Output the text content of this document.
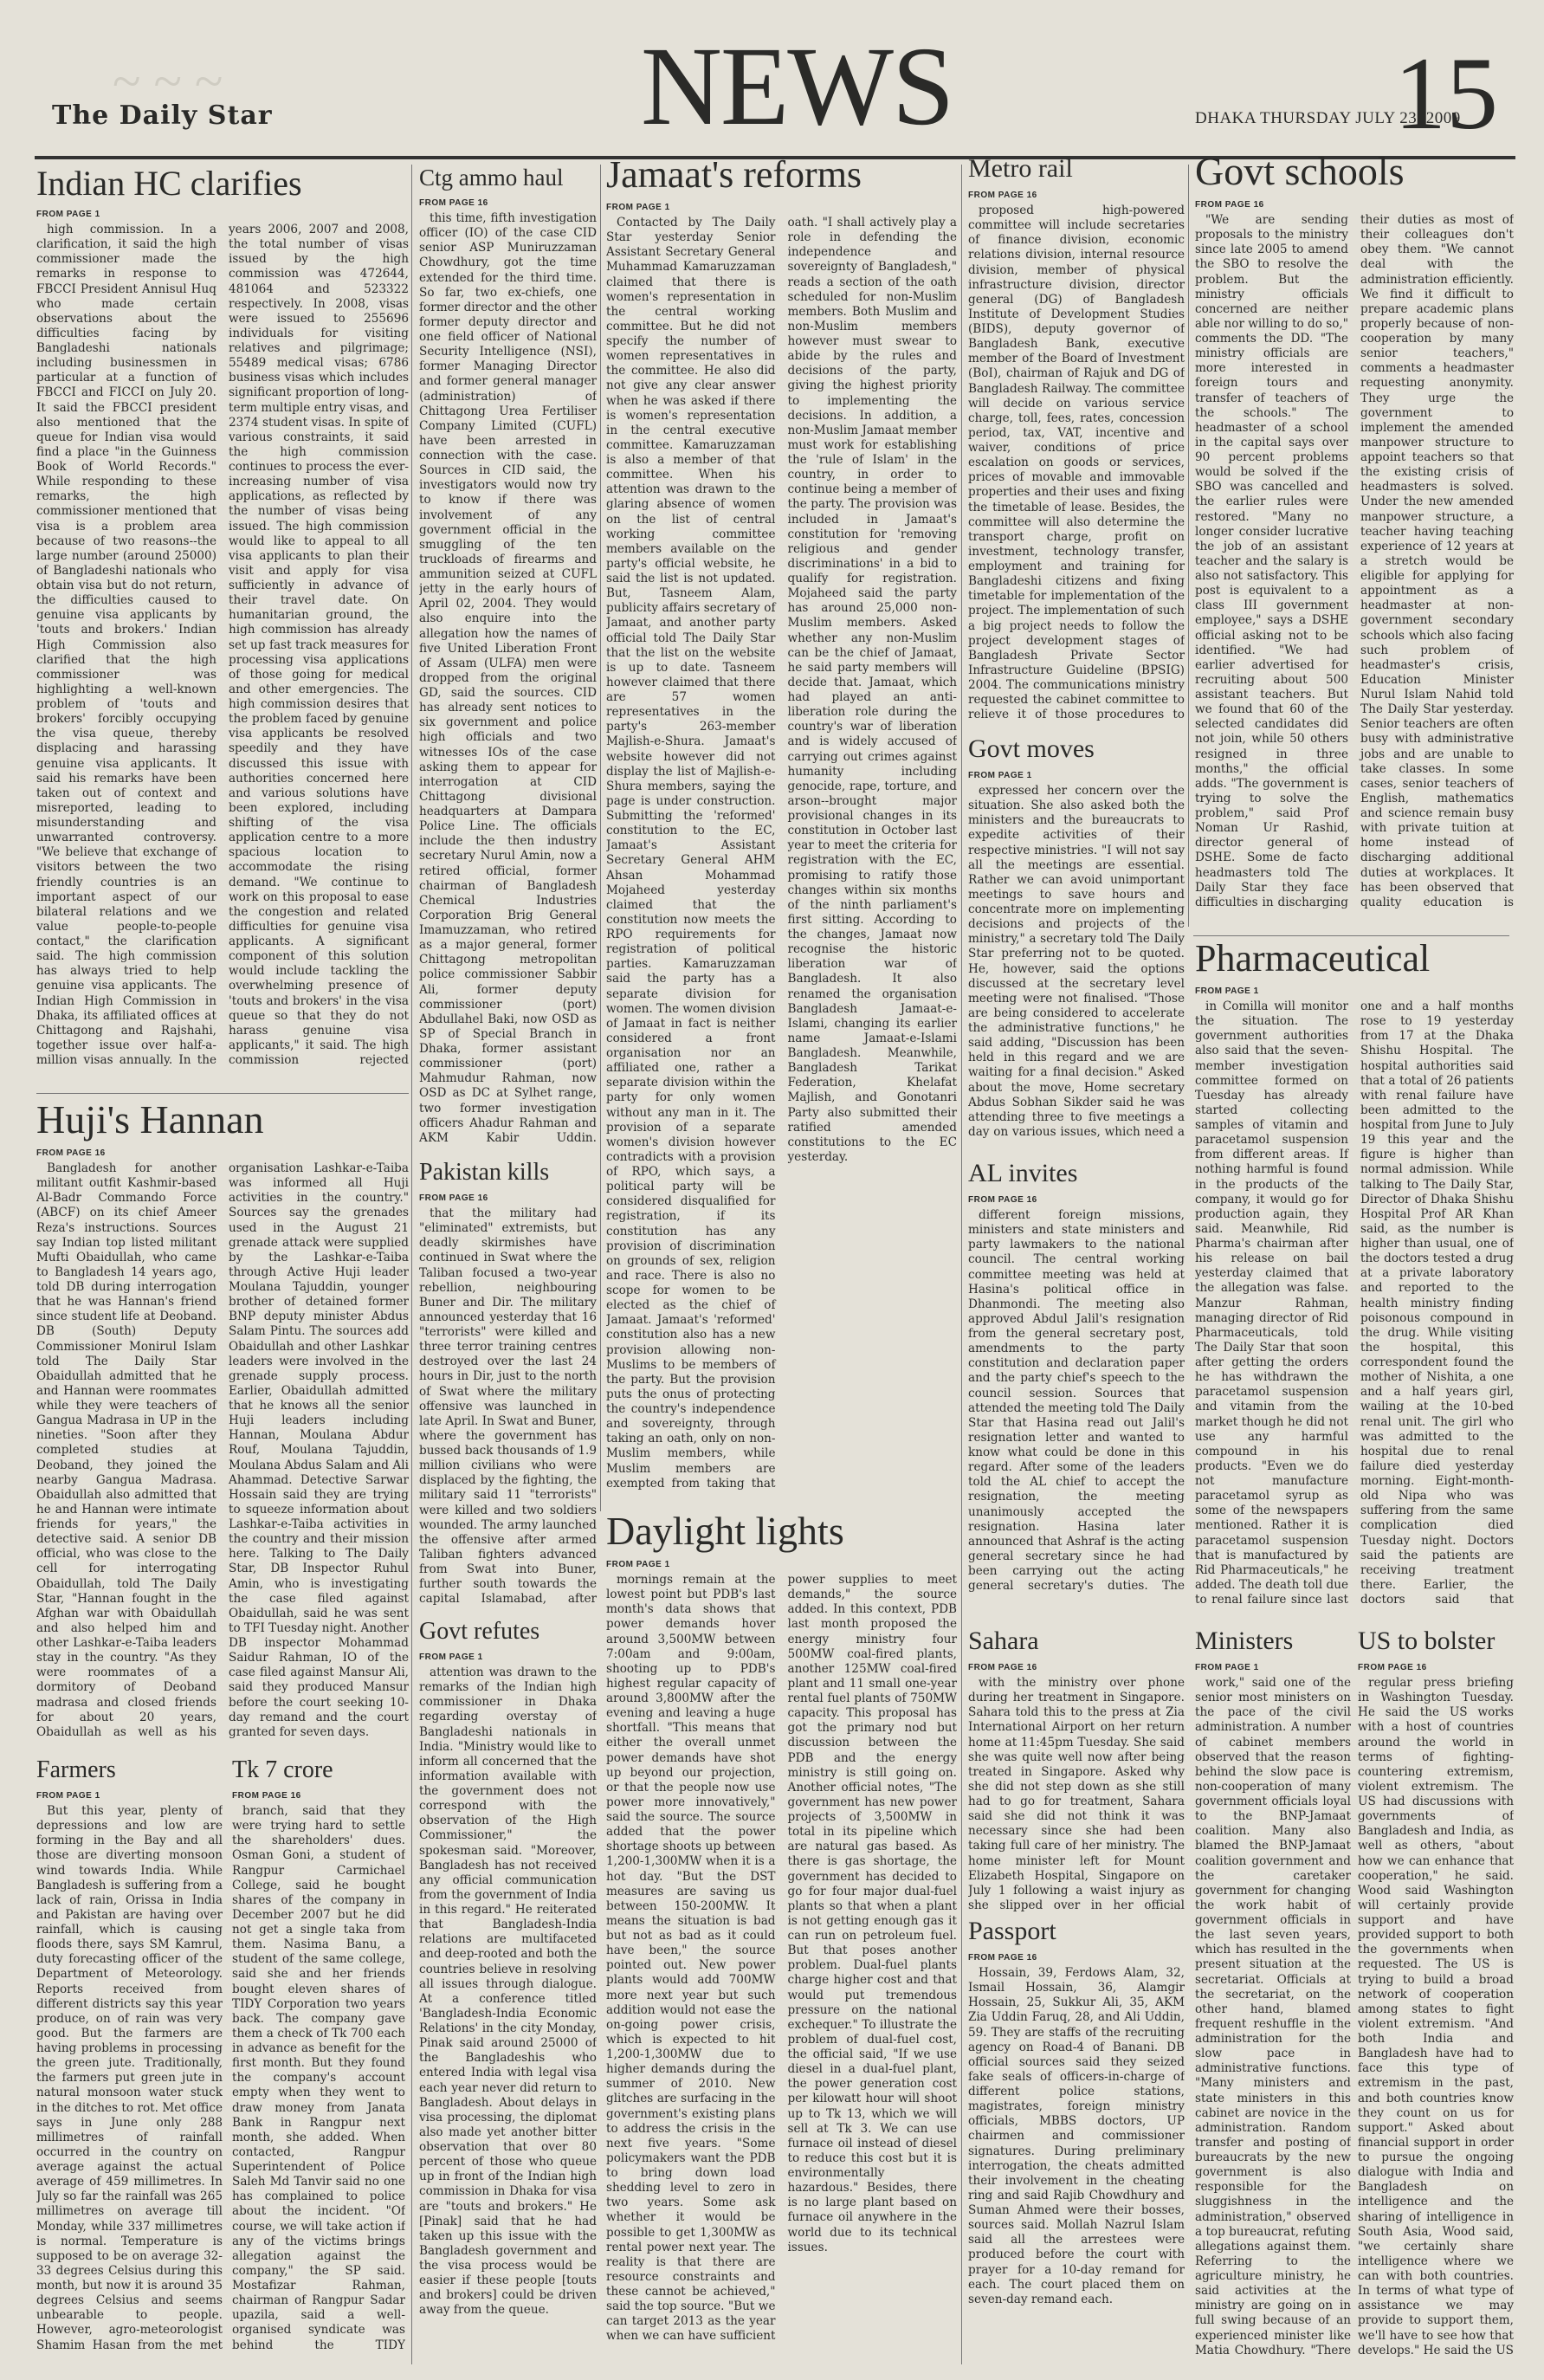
~ ~ ~
The Daily Star	NEWS	DHAKA THURSDAY JULY 23, 2009
15
Indian HC clarifies
FROM PAGE 1

high commission. In a clarification, it said the high commissioner made the remarks in response to FBCCI President Annisul Huq who made certain observations about the difficulties facing by Bangladeshi nationals including businessmen in particular at a function of FBCCI and FICCI on July 20. It said the FBCCI president also mentioned that the queue for Indian visa would find a place "in the Guinness Book of World Records." While responding to these remarks, the high commissioner mentioned that visa is a problem area because of two reasons--the large number (around 25000) of Bangladeshi nationals who obtain visa but do not return, the difficulties caused to genuine visa applicants by 'touts and brokers.' Indian High Commission also clarified that the high commissioner was highlighting a well-known problem of 'touts and brokers' forcibly occupying the visa queue, thereby displacing and harassing genuine visa applicants. It said his remarks have been taken out of context and misreported, leading to misunderstanding and unwarranted controversy. "We believe that exchange of visitors between the two friendly countries is an important aspect of our bilateral relations and we value people-to-people contact," the clarification said. The high commission has always tried to help genuine visa applicants. The Indian High Commission in Dhaka, its affiliated offices at Chittagong and Rajshahi, together issue over half-a-million visas annually. In the years 2006, 2007 and 2008, the total number of visas issued by the high commission was 472644, 481064 and 523322 respectively. In 2008, visas were issued to 255696 individuals for visiting relatives and pilgrimage; 55489 medical visas; 6786 business visas which includes significant proportion of long-term multiple entry visas, and 2374 student visas. In spite of various constraints, it said the high commission continues to process the ever-increasing number of visa applications, as reflected by the number of visas being issued. The high commission would like to appeal to all visa applicants to plan their visit and apply for visa sufficiently in advance of their travel date. On humanitarian ground, the high commission has already set up fast track measures for processing visa applications of those going for medical and other emergencies. The high commission desires that the problem faced by genuine visa applicants be resolved speedily and they have discussed this issue with authorities concerned here and various solutions have been explored, including shifting of the visa application centre to a more spacious location to accommodate the rising demand. "We continue to work on this proposal to ease the congestion and related difficulties for genuine visa applicants. A significant component of this solution would include tackling the overwhelming presence of 'touts and brokers' in the visa queue so that they do not harass genuine visa applicants," it said. The high commission rejected

Huji's Hannan
FROM PAGE 16

Bangladesh for another militant outfit Kashmir-based Al-Badr Commando Force (ABCF) on its chief Ameer Reza's instructions. Sources say Indian top listed militant Mufti Obaidullah, who came to Bangladesh 14 years ago, told DB during interrogation that he was Hannan's friend since student life at Deoband. DB (South) Deputy Commissioner Monirul Islam told The Daily Star Obaidullah admitted that he and Hannan were roommates while they were teachers of Gangua Madrasa in UP in the nineties. "Soon after they completed studies at Deoband, they joined the nearby Gangua Madrasa. Obaidullah also admitted that he and Hannan were intimate friends for years," the detective said. A senior DB official, who was close to the cell for interrogating Obaidullah, told The Daily Star, "Hannan fought in the Afghan war with Obaidullah and also helped him and other Lashkar-e-Taiba leaders stay in the country. "As they were roommates of a dormitory of Deoband madrasa and closed friends for about 20 years, Obaidullah as well as his organisation Lashkar-e-Taiba was informed all Huji activities in the country." Sources say the grenades used in the August 21 grenade attack were supplied by the Lashkar-e-Taiba through Active Huji leader Moulana Tajuddin, younger brother of detained former BNP deputy minister Abdus Salam Pintu. The sources add Obaidullah and other Lashkar leaders were involved in the grenade supply process. Earlier, Obaidullah admitted that he knows all the senior Huji leaders including Hannan, Moulana Abdur Rouf, Moulana Tajuddin, Moulana Abdus Salam and Ali Ahammad. Detective Sarwar Hossain said they are trying to squeeze information about Lashkar-e-Taiba activities in the country and their mission here. Talking to The Daily Star, DB Inspector Ruhul Amin, who is investigating the case filed against Obaidullah, said he was sent to TFI Tuesday night. Another DB inspector Mohammad Saidur Rahman, IO of the case filed against Mansur Ali, said they produced Mansur before the court seeking 10-day remand and the court granted for seven days.

Farmers
FROM PAGE 1

But this year, plenty of depressions and low are forming in the Bay and all those are diverting monsoon wind towards India. While Bangladesh is suffering from a lack of rain, Orissa in India and Pakistan are having over rainfall, which is causing floods there, says SM Kamrul, duty forecasting officer of the Department of Meteorology. Reports received from different districts say this year produce, on of rain was very good. But the farmers are having problems in processing the green jute. Traditionally, the farmers put green jute in natural monsoon water stuck in the ditches to rot. Met office says in June only 288 millimetres of rainfall occurred in the country on average against the actual average of 459 millimetres. In July so far the rainfall was 265 millimetres on average till Monday, while 337 millimetres is normal. Temperature is supposed to be on average 32-33 degrees Celsius during this month, but now it is around 35 degrees Celsius and seems unbearable to people. However, agro-meteorologist Shamim Hasan from the met

Ctg ammo haul
FROM PAGE 16

this time, fifth investigation officer (IO) of the case CID senior ASP Muniruzzaman Chowdhury, got the time extended for the third time. So far, two ex-chiefs, one former director and the other former deputy director and one field officer of National Security Intelligence (NSI), former Managing Director and former general manager (administration) of Chittagong Urea Fertiliser Company Limited (CUFL) have been arrested in connection with the case. Sources in CID said, the investigators would now try to know if there was involvement of any government official in the smuggling of the ten truckloads of firearms and ammunition seized at CUFL jetty in the early hours of April 02, 2004. They would also enquire into the allegation how the names of five United Liberation Front of Assam (ULFA) men were dropped from the original GD, said the sources. CID has already sent notices to six government and police high officials and two witnesses IOs of the case asking them to appear for interrogation at CID Chittagong divisional headquarters at Dampara Police Line. The officials include the then industry secretary Nurul Amin, now a retired official, former chairman of Bangladesh Chemical Industries Corporation Brig General Imamuzzaman, who retired as a major general, former Chittagong metropolitan police commissioner Sabbir Ali, former deputy commissioner (port) Abdullahel Baki, now OSD as SP of Special Branch in Dhaka, former assistant commissioner (port) Mahmudur Rahman, now OSD as DC at Sylhet range, two former investigation officers Ahadur Rahman and AKM Kabir Uddin.

Pakistan kills
FROM PAGE 16

that the military had "eliminated" extremists, but deadly skirmishes have continued in Swat where the Taliban focused a two-year rebellion, neighbouring Buner and Dir. The military announced yesterday that 16 "terrorists" were killed and three terror training centres destroyed over the last 24 hours in Dir, just to the north of Swat where the military offensive was launched in late April. In Swat and Buner, where the government has bussed back thousands of 1.9 million civilians who were displaced by the fighting, the military said 11 "terrorists" were killed and two soldiers wounded. The army launched the offensive after armed Taliban fighters advanced from Swat into Buner, further south towards the capital Islamabad, after

Tk 7 crore
FROM PAGE 16

branch, said that they were trying hard to settle the shareholders' dues. Osman Goni, a student of Rangpur Carmichael College, said he bought shares of the company in December 2007 but he did not get a single taka from them. Nasima Banu, a student of the same college, said she and her friends bought eleven shares of TIDY Corporation two years back. The company gave them a check of Tk 700 each in advance as benefit for the first month. But they found the company's account empty when they went to draw money from Janata Bank in Rangpur next month, she added. When contacted, Rangpur Superintendent of Police Saleh Md Tanvir said no one has complained to police about the incident. "Of course, we will take action if any of the victims brings allegation against the company," the SP said. Mostafizar Rahman, chairman of Rangpur Sadar upazila, said a well-organised syndicate was behind the TIDY

Govt refutes
FROM PAGE 1

attention was drawn to the remarks of the Indian high commissioner in Dhaka regarding overstay of Bangladeshi nationals in India. "Ministry would like to inform all concerned that the information available with the government does not correspond with the observation of the High Commissioner," the spokesman said. "Moreover, Bangladesh has not received any official communication from the government of India in this regard." He reiterated that Bangladesh-India relations are multifaceted and deep-rooted and both the countries believe in resolving all issues through dialogue. At a conference titled 'Bangladesh-India Economic Relations' in the city Monday, Pinak said around 25000 of the Bangladeshis who entered India with legal visa each year never did return to Bangladesh. About delays in visa processing, the diplomat also made yet another bitter observation that over 80 percent of those who queue up in front of the Indian high commission in Dhaka for visa are "touts and brokers." He [Pinak] said that he had taken up this issue with the Bangladesh government and the visa process would be easier if these people [touts and brokers] could be driven away from the queue.

Jamaat's reforms
FROM PAGE 1

Contacted by The Daily Star yesterday Senior Assistant Secretary General Muhammad Kamaruzzaman claimed that there is women's representation in the central working committee. But he did not specify the number of women representatives in the committee. He also did not give any clear answer when he was asked if there is women's representation in the central executive committee. Kamaruzzaman is also a member of that committee. When his attention was drawn to the glaring absence of women on the list of central working committee members available on the party's official website, he said the list is not updated. But, Tasneem Alam, publicity affairs secretary of Jamaat, and another party official told The Daily Star that the list on the website is up to date. Tasneem however claimed that there are 57 women representatives in the party's 263-member Majlish-e-Shura. Jamaat's website however did not display the list of Majlish-e-Shura members, saying the page is under construction. Submitting the 'reformed' constitution to the EC, Jamaat's Assistant Secretary General AHM Ahsan Mohammad Mojaheed yesterday claimed that the constitution now meets the RPO requirements for registration of political parties. Kamaruzzaman said the party has a separate division for women. The women division of Jamaat in fact is neither considered a front organisation nor an affiliated one, rather a separate division within the party for only women without any man in it. The provision of a separate women's division however contradicts with a provision of RPO, which says, a political party will be considered disqualified for registration, if its constitution has any provision of discrimination on grounds of sex, religion and race. There is also no scope for women to be elected as the chief of Jamaat. Jamaat's 'reformed' constitution also has a new provision allowing non-Muslims to be members of the party. But the provision puts the onus of protecting the country's independence and sovereignty, through taking an oath, only on non-Muslim members, while Muslim members are exempted from taking that oath. "I shall actively play a role in defending the independence and sovereignty of Bangladesh," reads a section of the oath scheduled for non-Muslim members. Both Muslim and non-Muslim members however must swear to abide by the rules and decisions of the party, giving the highest priority to implementing the decisions. In addition, a non-Muslim Jamaat member must work for establishing the 'rule of Islam' in the country, in order to continue being a member of the party. The provision was included in Jamaat's constitution for 'removing religious and gender discriminations' in a bid to qualify for registration. Mojaheed said the party has around 25,000 non-Muslim members. Asked whether any non-Muslim can be the chief of Jamaat, he said party members will decide that. Jamaat, which had played an anti-liberation role during the country's war of liberation and is widely accused of carrying out crimes against humanity including genocide, rape, torture, and arson--brought major provisional changes in its constitution in October last year to meet the criteria for registration with the EC, promising to ratify those changes within six months of the ninth parliament's first sitting. According to the changes, Jamaat now recognise the historic liberation war of Bangladesh. It also renamed the organisation Bangladesh Jamaat-e-Islami, changing its earlier name Jamaat-e-Islami Bangladesh. Meanwhile, Bangladesh Tarikat Federation, Khelafat Majlish, and Gonotanri Party also submitted their ratified amended constitutions to the EC yesterday.

Daylight lights
FROM PAGE 1

mornings remain at the lowest point but PDB's last month's data shows that power demands hover around 3,500MW between 7:00am and 9:00am, shooting up to PDB's highest regular capacity of around 3,800MW after the evening and leaving a huge shortfall. "This means that either the overall unmet power demands have shot up beyond our projection, or that the people now use power more innovatively," said the source. The source added that the power shortage shoots up between 1,200-1,300MW when it is a hot day. "But the DST measures are saving us between 150-200MW. It means the situation is bad but not as bad as it could have been," the source pointed out. New power plants would add 700MW more next year but such addition would not ease the on-going power crisis, which is expected to hit 1,200-1,300MW due to higher demands during the summer of 2010. New glitches are surfacing in the government's existing plans to address the crisis in the next five years. "Some policymakers want the PDB to bring down load shedding level to zero in two years. Some ask whether it would be possible to get 1,300MW as rental power next year. The reality is that there are resource constraints and these cannot be achieved," said the top source. "But we can target 2013 as the year when we can have sufficient power supplies to meet demands," the source added. In this context, PDB last month proposed the energy ministry four 500MW coal-fired plants, another 125MW coal-fired plant and 11 small one-year rental fuel plants of 750MW capacity. This proposal has got the primary nod but discussion between the PDB and the energy ministry is still going on. Another official notes, "The government has new power projects of 3,500MW in total in its pipeline which are natural gas based. As there is gas shortage, the government has decided to go for four major dual-fuel plants so that when a plant is not getting enough gas it can run on petroleum fuel. But that poses another problem. Dual-fuel plants charge higher cost and that would put tremendous pressure on the national exchequer." To illustrate the problem of dual-fuel cost, the official said, "If we use diesel in a dual-fuel plant, the power generation cost per kilowatt hour will shoot up to Tk 13, which we will sell at Tk 3. We can use furnace oil instead of diesel to reduce this cost but it is environmentally hazardous." Besides, there is no large plant based on furnace oil anywhere in the world due to its technical issues.

Metro rail
FROM PAGE 16

proposed high-powered committee will include secretaries of finance division, economic relations division, internal resource division, member of physical infrastructure division, director general (DG) of Bangladesh Institute of Development Studies (BIDS), deputy governor of Bangladesh Bank, executive member of the Board of Investment (BoI), chairman of Rajuk and DG of Bangladesh Railway. The committee will decide on various service charge, toll, fees, rates, concession period, tax, VAT, incentive and waiver, conditions of price escalation on goods or services, prices of movable and immovable properties and their uses and fixing the timetable of lease. Besides, the committee will also determine the transport charge, profit on investment, technology transfer, employment and training for Bangladeshi citizens and fixing timetable for implementation of the project. The implementation of such a big project needs to follow the project development stages of Bangladesh Private Sector Infrastructure Guideline (BPSIG) 2004. The communications ministry requested the cabinet committee to relieve it of those procedures to

Govt moves
FROM PAGE 1

expressed her concern over the situation. She also asked both the ministers and the bureaucrats to expedite activities of their respective ministries. "I will not say all the meetings are essential. Rather we can avoid unimportant meetings to save hours and concentrate more on implementing decisions and projects of the ministry," a secretary told The Daily Star preferring not to be quoted. He, however, said the options discussed at the secretary level meeting were not finalised. "Those are being considered to accelerate the administrative functions," he said adding, "Discussion has been held in this regard and we are waiting for a final decision." Asked about the move, Home secretary Abdus Sobhan Sikder said he was attending three to five meetings a day on various issues, which need a

AL invites
FROM PAGE 16

different foreign missions, ministers and state ministers and party lawmakers to the national council. The central working committee meeting was held at Hasina's political office in Dhanmondi. The meeting also approved Abdul Jalil's resignation from the general secretary post, amendments to the party constitution and declaration paper and the party chief's speech to the council session. Sources that attended the meeting told The Daily Star that Hasina read out Jalil's resignation letter and wanted to know what could be done in this regard. After some of the leaders told the AL chief to accept the resignation, the meeting unanimously accepted the resignation. Hasina later announced that Ashraf is the acting general secretary since he had been carrying out the acting general secretary's duties. The

Sahara
FROM PAGE 16

with the ministry over phone during her treatment in Singapore. Sahara told this to the press at Zia International Airport on her return home at 11:45pm Tuesday. She said she was quite well now after being treated in Singapore. Asked why she did not step down as she still had to go for treatment, Sahara said she did not think it was necessary since she had been taking full care of her ministry. The home minister left for Mount Elizabeth Hospital, Singapore on July 1 following a waist injury as she slipped over in her official

Passport
FROM PAGE 16

Hossain, 39, Ferdows Alam, 32, Ismail Hossain, 36, Alamgir Hossain, 25, Sukkur Ali, 35, AKM Zia Uddin Faruq, 28, and Ali Uddin, 59. They are staffs of the recruiting agency on Road-4 of Banani. DB official sources said they seized fake seals of officers-in-charge of different police stations, magistrates, foreign ministry officials, MBBS doctors, UP chairmen and commissioner signatures. During preliminary interrogation, the cheats admitted their involvement in the cheating ring and said Rajib Chowdhury and Suman Ahmed were their bosses, sources said. Mollah Nazrul Islam said all the arrestees were produced before the court with prayer for a 10-day remand for each. The court placed them on seven-day remand each.

Govt schools
FROM PAGE 16

"We are sending proposals to the ministry since late 2005 to amend the SBO to resolve the problem. But the ministry officials concerned are neither able nor willing to do so," comments the DD. "The ministry officials are more interested in foreign tours and transfer of teachers of the schools." The headmaster of a school in the capital says over 90 percent problems would be solved if the SBO was cancelled and the earlier rules were restored. "Many no longer consider lucrative the job of an assistant teacher and the salary is also not satisfactory. This post is equivalent to a class III government employee," says a DSHE official asking not to be identified. "We had earlier advertised for recruiting about 500 assistant teachers. But we found that 60 of the selected candidates did not join, while 50 others resigned in three months," the official adds. "The government is trying to solve the problem," said Prof Noman Ur Rashid, director general of DSHE. Some de facto headmasters told The Daily Star they face difficulties in discharging their duties as most of their colleagues don't obey them. "We cannot deal with the administration efficiently. We find it difficult to prepare academic plans properly because of non-cooperation by many senior teachers," comments a headmaster requesting anonymity. They urge the government to implement the amended manpower structure to appoint teachers so that the existing crisis of headmasters is solved. Under the new amended manpower structure, a teacher having teaching experience of 12 years at a stretch would be eligible for applying for appointment as a headmaster at non-government secondary schools which also facing such problem of headmaster's crisis, Education Minister Nurul Islam Nahid told The Daily Star yesterday. Senior teachers are often busy with administrative jobs and are unable to take classes. In some cases, senior teachers of English, mathematics and science remain busy with private tuition at home instead of discharging additional duties at workplaces. It has been observed that quality education is

Pharmaceutical
FROM PAGE 1

in Comilla will monitor the situation. The government authorities also said that the seven-member investigation committee formed on Tuesday has already started collecting samples of vitamin and paracetamol suspension from different areas. If nothing harmful is found in the products of the company, it would go for production again, they said. Meanwhile, Rid Pharma's chairman after his release on bail yesterday claimed that the allegation was false. Manzur Rahman, managing director of Rid Pharmaceuticals, told The Daily Star that soon after getting the orders he has withdrawn the paracetamol suspension and vitamin from the market though he did not use any harmful compound in his products. "Even we do not manufacture paracetamol syrup as some of the newspapers mentioned. Rather it is paracetamol suspension that is manufactured by Rid Pharmaceuticals," he added. The death toll due to renal failure since last one and a half months rose to 19 yesterday from 17 at the Dhaka Shishu Hospital. The hospital authorities said that a total of 26 patients with renal failure have been admitted to the hospital from June to July 19 this year and the figure is higher than normal admission. While talking to The Daily Star, Director of Dhaka Shishu Hospital Prof AR Khan said, as the number is higher than usual, one of the doctors tested a drug at a private laboratory and reported to the health ministry finding poisonous compound in the drug. While visiting the hospital, this correspondent found the mother of Nishita, a one and a half years girl, wailing at the 10-bed renal unit. The girl who was admitted to the hospital due to renal failure died yesterday morning. Eight-month-old Nipa who was suffering from the same complication died Tuesday night. Doctors said the patients are receiving treatment there. Earlier, the doctors said that

Ministers
FROM PAGE 1

work," said one of the senior most ministers on the pace of the civil administration. A number of cabinet members observed that the reason behind the slow pace is non-cooperation of many government officials loyal to the BNP-Jamaat coalition. Many also blamed the BNP-Jamaat coalition government and the caretaker government for changing the work habit of government officials in the last seven years, which has resulted in the present situation at the secretariat. Officials at the secretariat, on the other hand, blamed frequent reshuffle in the administration for the slow pace in administrative functions. "Many ministers and state ministers in this cabinet are novice in the administration. Random transfer and posting of bureaucrats by the new government is also responsible for the sluggishness in the administration," observed a top bureaucrat, refuting allegations against them. Referring to the agriculture ministry, he said activities at the ministry are going on in full swing because of an experienced minister like Matia Chowdhury. "There

US to bolster
FROM PAGE 16

regular press briefing in Washington Tuesday. He said the US works with a host of countries around the world in terms of fighting-countering extremism, violent extremism. The US had discussions with governments of Bangladesh and India, as well as others, "about how we can enhance that cooperation," he said. Wood said Washington will certainly provide support and have provided support to both the governments when requested. The US is trying to build a broad network of cooperation among states to fight violent extremism. "And both India and Bangladesh have had to face this type of extremism in the past, and both countries know they count on us for support." Asked about financial support in order to pursue the ongoing dialogue with India and Bangladesh on intelligence and the sharing of intelligence in South Asia, Wood said, "we certainly share intelligence where we can with both countries. In terms of what type of assistance we may provide to support them, we'll have to see how that develops." He said the US
